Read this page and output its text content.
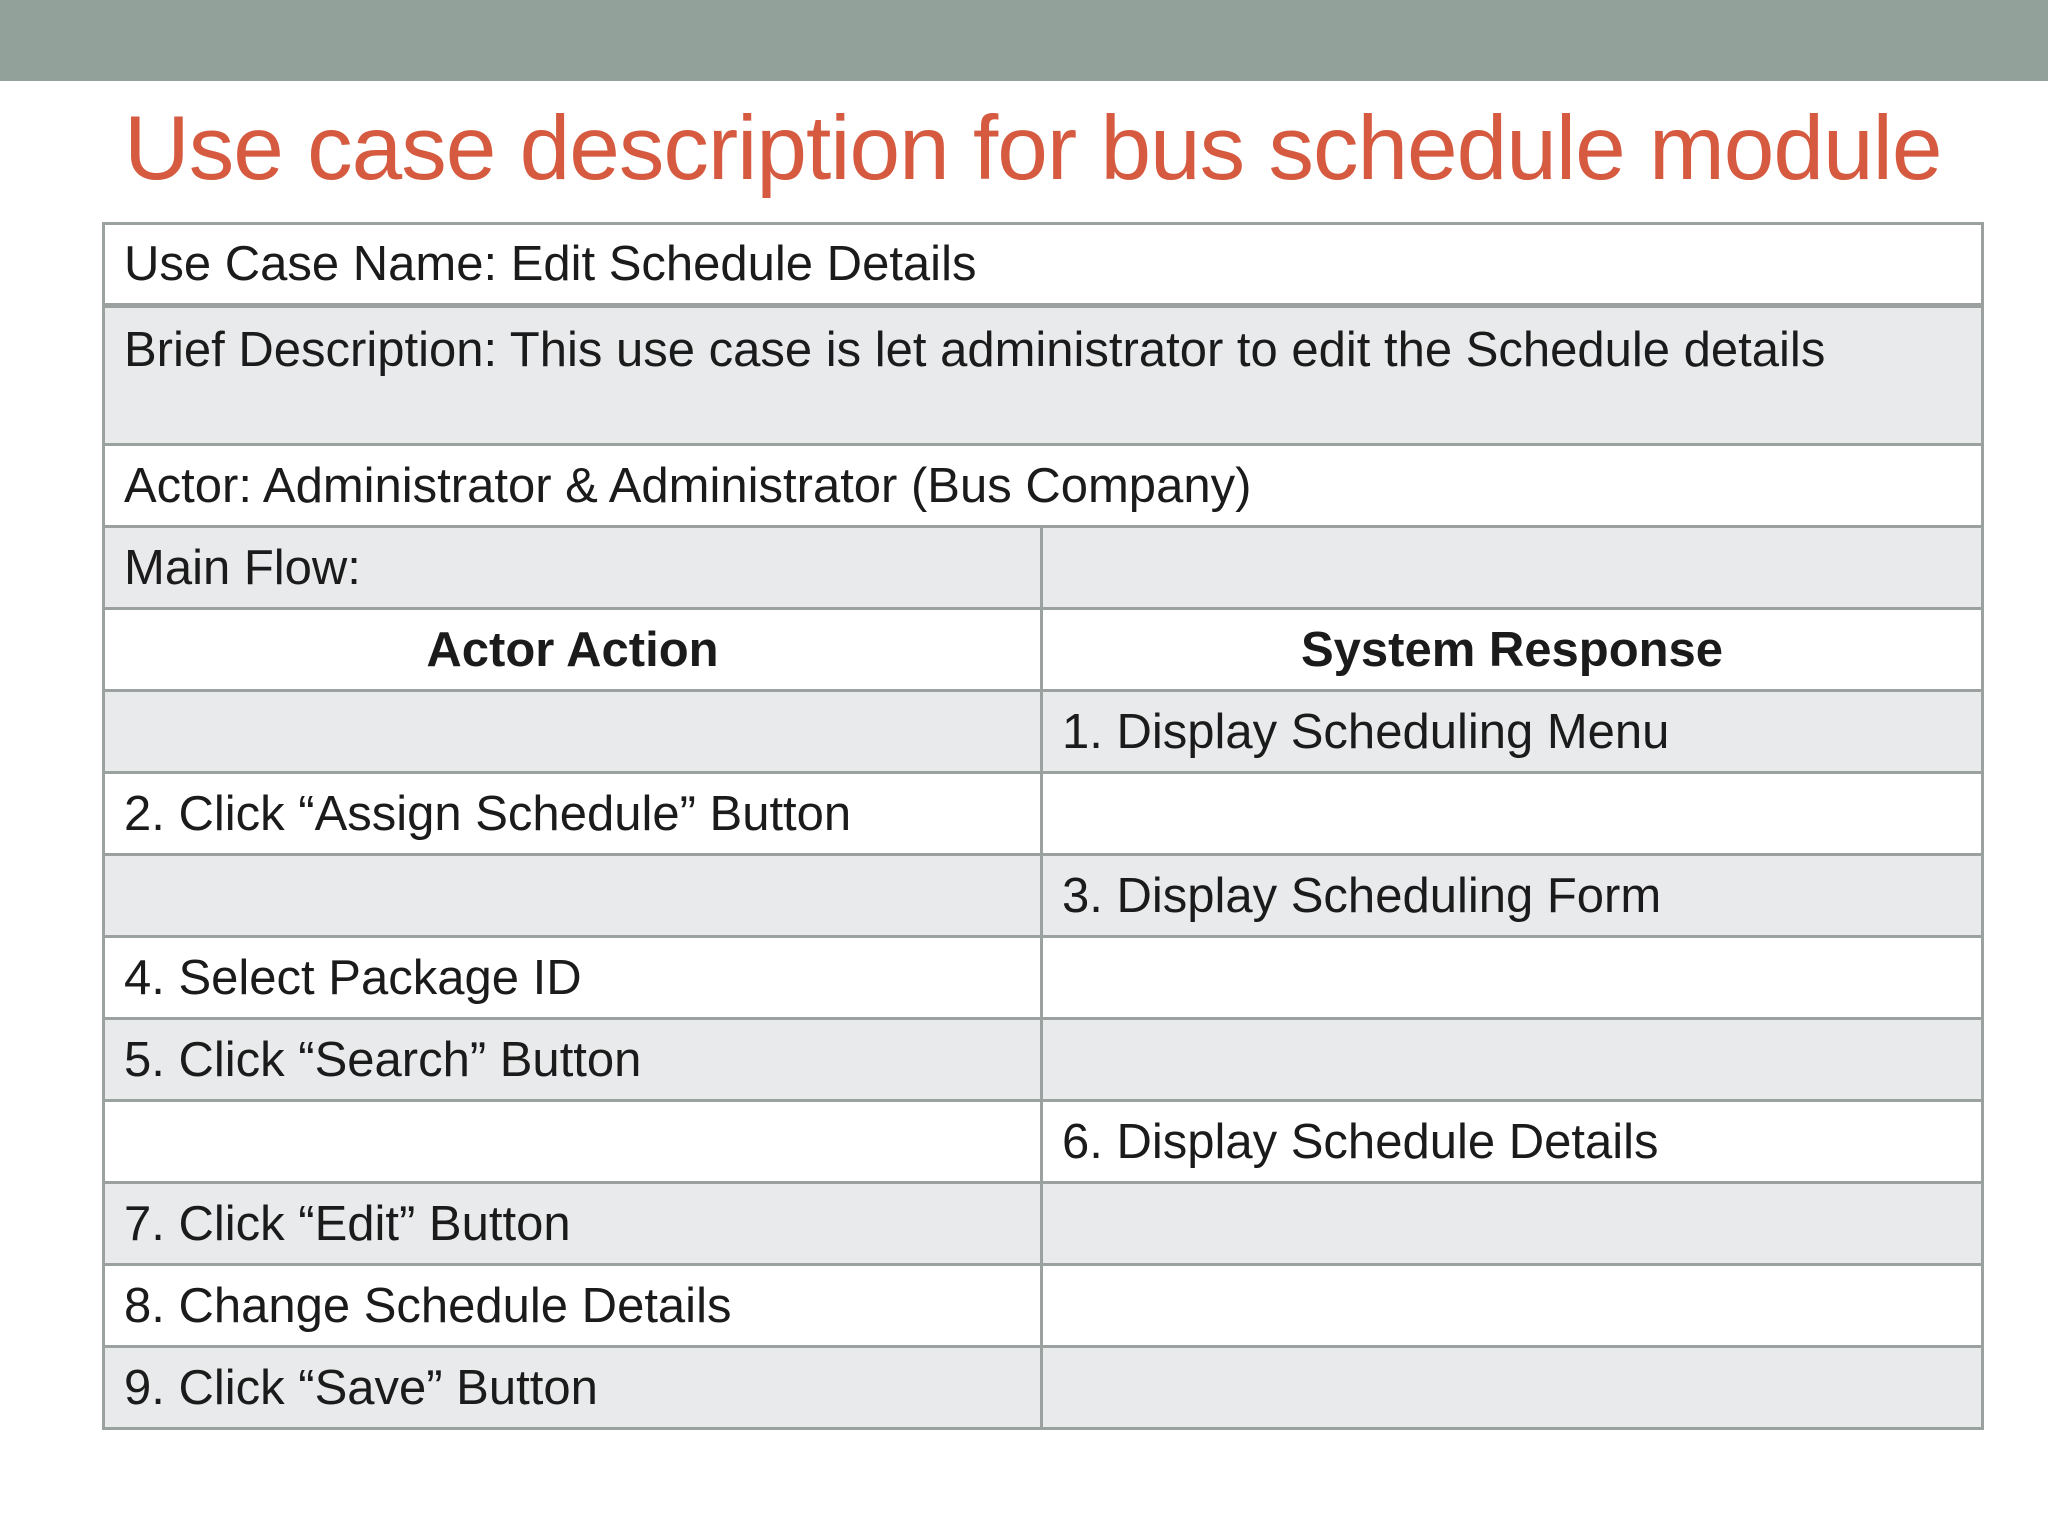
Use case description for bus schedule module
Use Case Name: Edit Schedule Details	
Brief Description: This use case is let administrator to edit the Schedule details	
Actor: Administrator & Administrator (Bus Company)	
Main Flow:	
Actor Action	System Response
	1. Display Scheduling Menu
2. Click “Assign Schedule” Button	
	3. Display Scheduling Form
4. Select Package ID	
5. Click “Search” Button	
	6. Display Schedule Details
7. Click “Edit” Button	
8. Change Schedule Details	
9. Click “Save” Button	
